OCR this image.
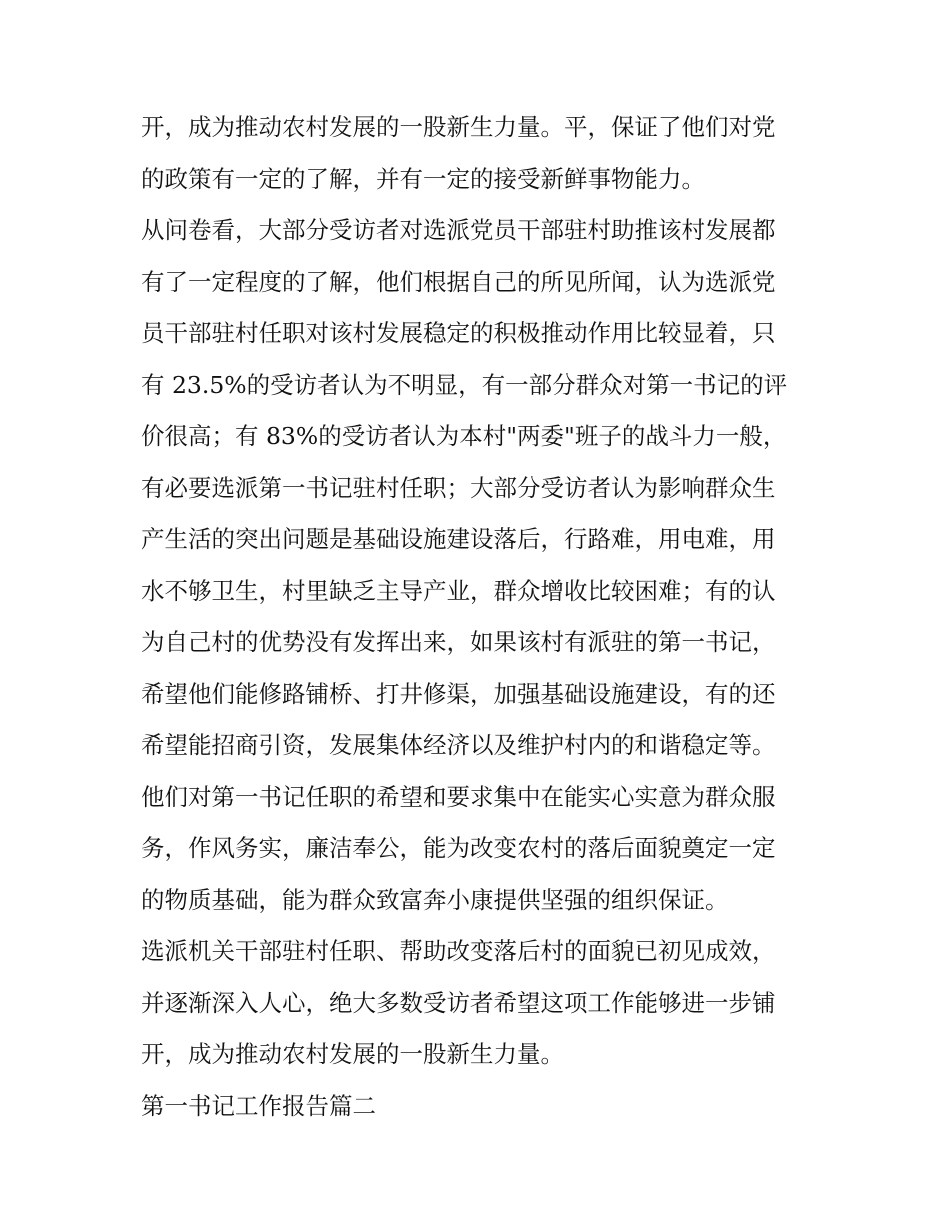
开，成为推动农村发展的一股新生力量。平，保证了他们对党
的政策有一定的了解，并有一定的接受新鲜事物能力。
从问卷看，大部分受访者对选派党员干部驻村助推该村发展都
有了一定程度的了解，他们根据自己的所见所闻，认为选派党
员干部驻村任职对该村发展稳定的积极推动作用比较显着，只
有 23.5%的受访者认为不明显，有一部分群众对第一书记的评
价很高；有 83%的受访者认为本村"两委"班子的战斗力一般，
有必要选派第一书记驻村任职；大部分受访者认为影响群众生
产生活的突出问题是基础设施建设落后，行路难，用电难，用
水不够卫生，村里缺乏主导产业，群众增收比较困难；有的认
为自己村的优势没有发挥出来，如果该村有派驻的第一书记，
希望他们能修路铺桥、打井修渠，加强基础设施建设，有的还
希望能招商引资，发展集体经济以及维护村内的和谐稳定等。
他们对第一书记任职的希望和要求集中在能实心实意为群众服
务，作风务实，廉洁奉公，能为改变农村的落后面貌奠定一定
的物质基础，能为群众致富奔小康提供坚强的组织保证。
选派机关干部驻村任职、帮助改变落后村的面貌已初见成效，
并逐渐深入人心，绝大多数受访者希望这项工作能够进一步铺
开，成为推动农村发展的一股新生力量。
第一书记工作报告篇二
